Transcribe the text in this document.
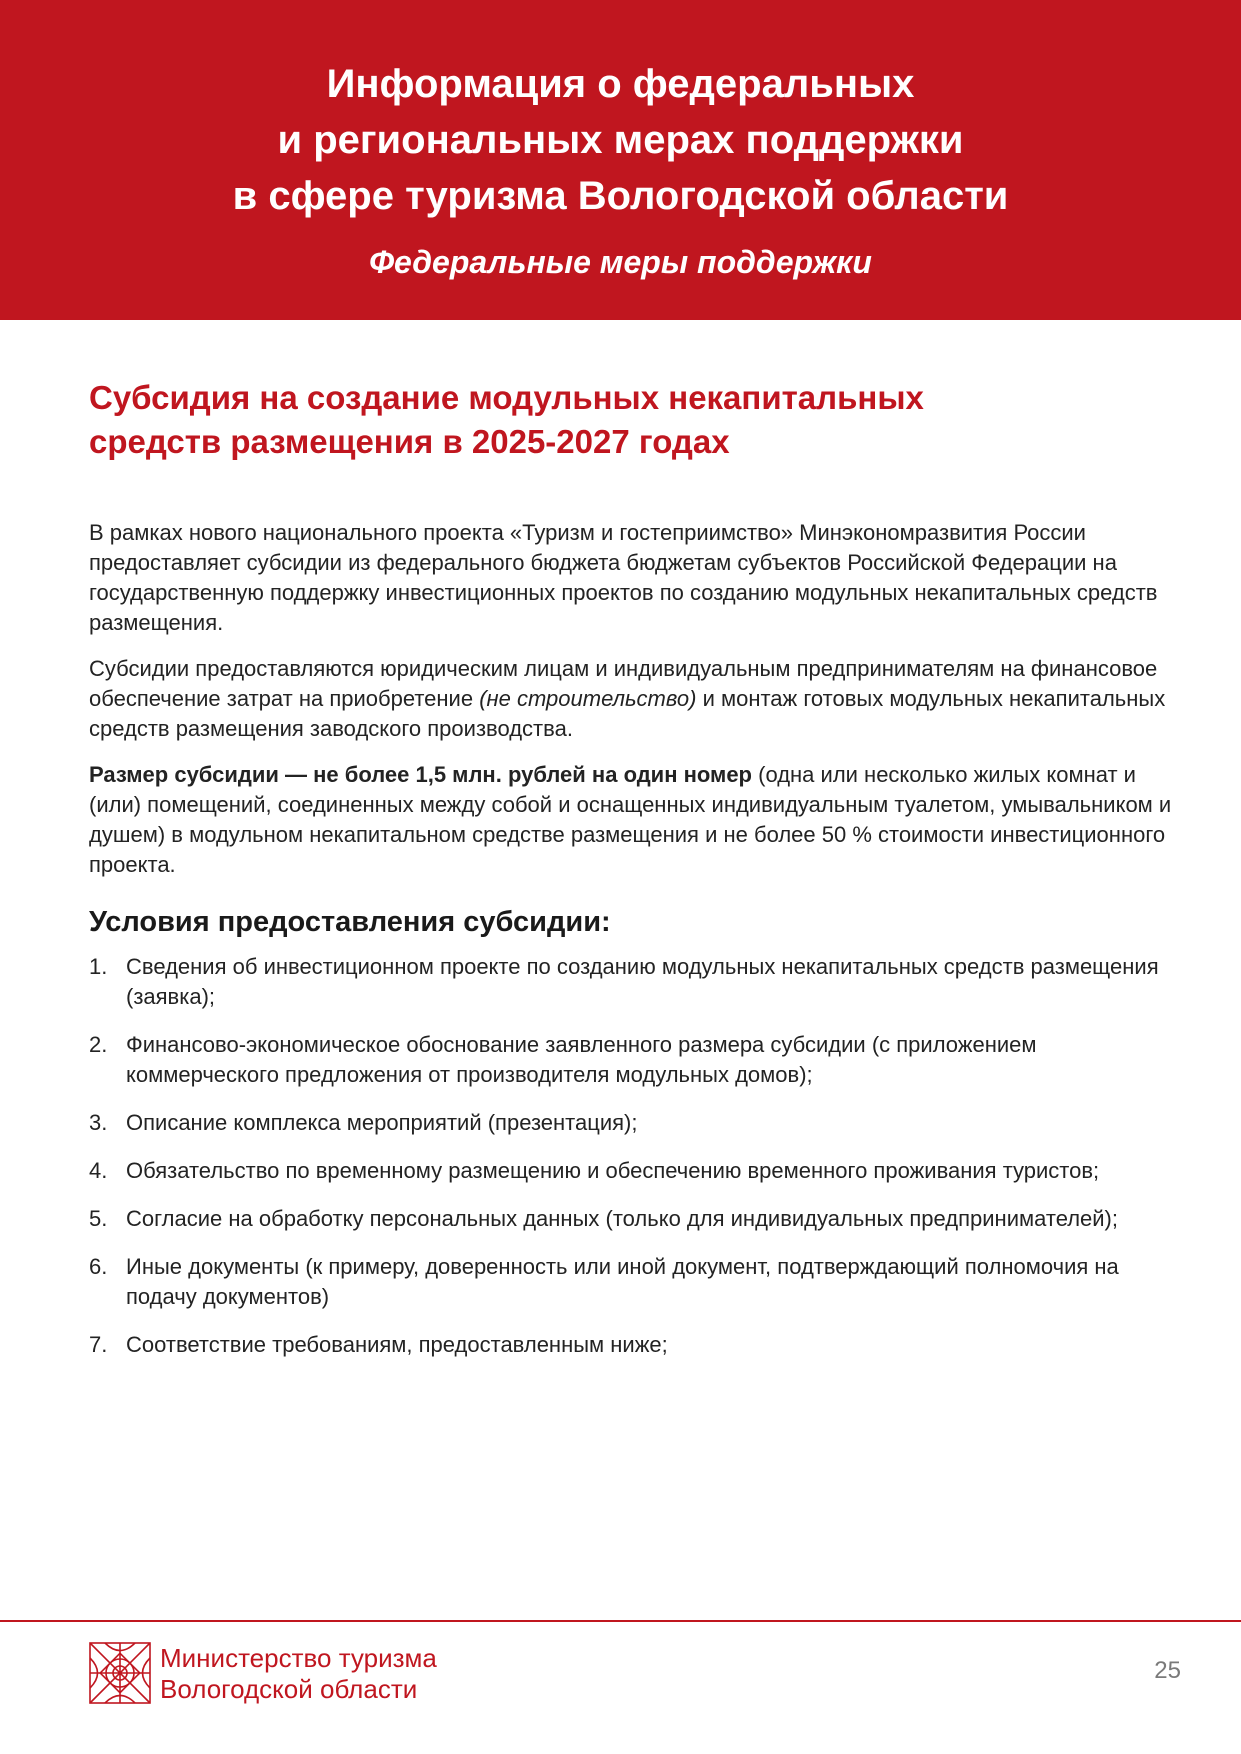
Информация о федеральных
и региональных мерах поддержки
в сфере туризма Вологодской области
Федеральные меры поддержки
Субсидия на создание модульных некапитальных
средств размещения в 2025-2027 годах

В рамках нового национального проекта «Туризм и гостеприимство» Минэкономразвития России предоставляет субсидии из федерального бюджета бюджетам субъектов Российской Федерации на государственную поддержку инвестиционных проектов по созданию модульных некапитальных средств размещения.

Субсидии предоставляются юридическим лицам и индивидуальным предпринимателям на финансовое обеспечение затрат на приобретение (не строительство) и монтаж готовых модульных некапитальных средств размещения заводского производства.

Размер субсидии — не более 1,5 млн. рублей на один номер (одна или несколько жилых комнат и (или) помещений, соединенных между собой и оснащенных индивидуальным туалетом, умывальником и душем) в модульном некапитальном средстве размещения и не более 50 % стоимости инвестиционного проекта.

Условия предоставления субсидии:
1. Сведения об инвестиционном проекте по созданию модульных некапитальных средств размещения (заявка);
2. Финансово-экономическое обоснование заявленного размера субсидии (с приложением коммерческого предложения от производителя модульных домов);
3. Описание комплекса мероприятий (презентация);
4. Обязательство по временному размещению и обеспечению временного проживания туристов;
5. Согласие на обработку персональных данных (только для индивидуальных предпринимателей);
6. Иные документы (к примеру, доверенность или иной документ, подтверждающий полномочия на подачу документов)
7. Соответствие требованиям, предоставленным ниже;
Министерство туризма
Вологодской области
25
